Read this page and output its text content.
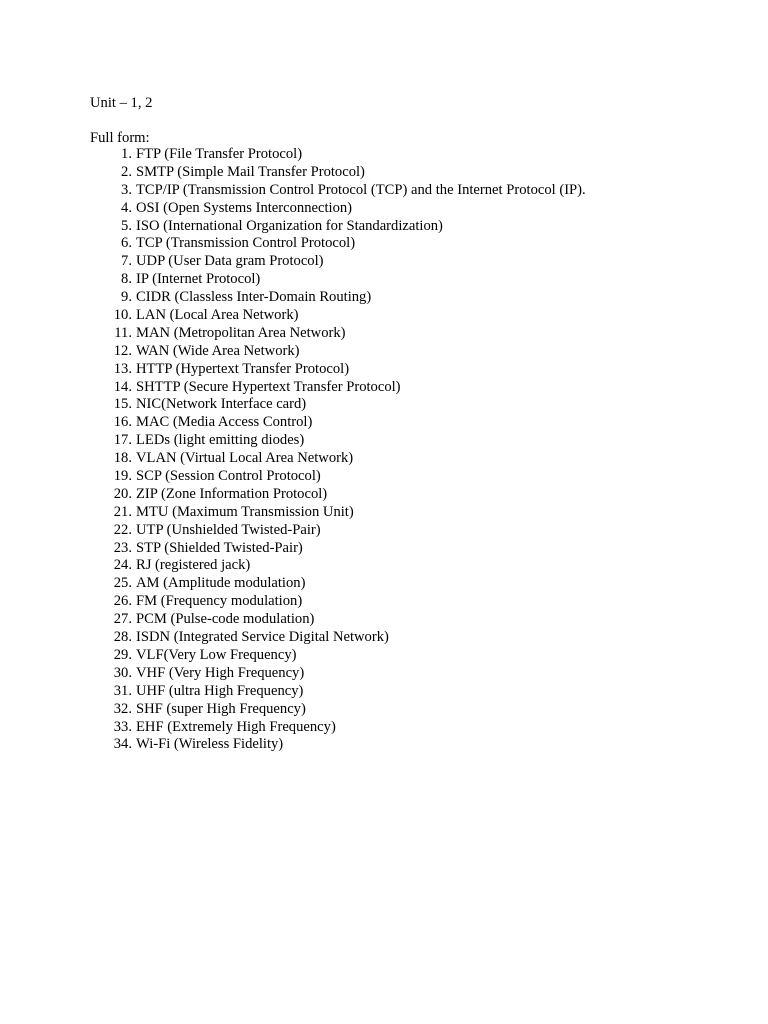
Unit – 1, 2
Full form:
1. FTP (File Transfer Protocol)
2. SMTP (Simple Mail Transfer Protocol)
3. TCP/IP (Transmission Control Protocol (TCP) and the Internet Protocol (IP).
4. OSI (Open Systems Interconnection)
5. ISO (International Organization for Standardization)
6. TCP (Transmission Control Protocol)
7. UDP (User Data gram Protocol)
8. IP (Internet Protocol)
9. CIDR (Classless Inter-Domain Routing)
10. LAN (Local Area Network)
11. MAN (Metropolitan Area Network)
12. WAN (Wide Area Network)
13. HTTP (Hypertext Transfer Protocol)
14. SHTTP (Secure Hypertext Transfer Protocol)
15. NIC(Network Interface card)
16. MAC (Media Access Control)
17. LEDs (light emitting diodes)
18. VLAN (Virtual Local Area Network)
19. SCP (Session Control Protocol)
20. ZIP (Zone Information Protocol)
21. MTU (Maximum Transmission Unit)
22. UTP (Unshielded Twisted-Pair)
23. STP (Shielded Twisted-Pair)
24. RJ (registered jack)
25. AM (Amplitude modulation)
26. FM (Frequency modulation)
27. PCM (Pulse-code modulation)
28. ISDN (Integrated Service Digital Network)
29. VLF(Very Low Frequency)
30. VHF (Very High Frequency)
31. UHF (ultra High Frequency)
32. SHF (super High Frequency)
33. EHF (Extremely High Frequency)
34. Wi-Fi (Wireless Fidelity)
